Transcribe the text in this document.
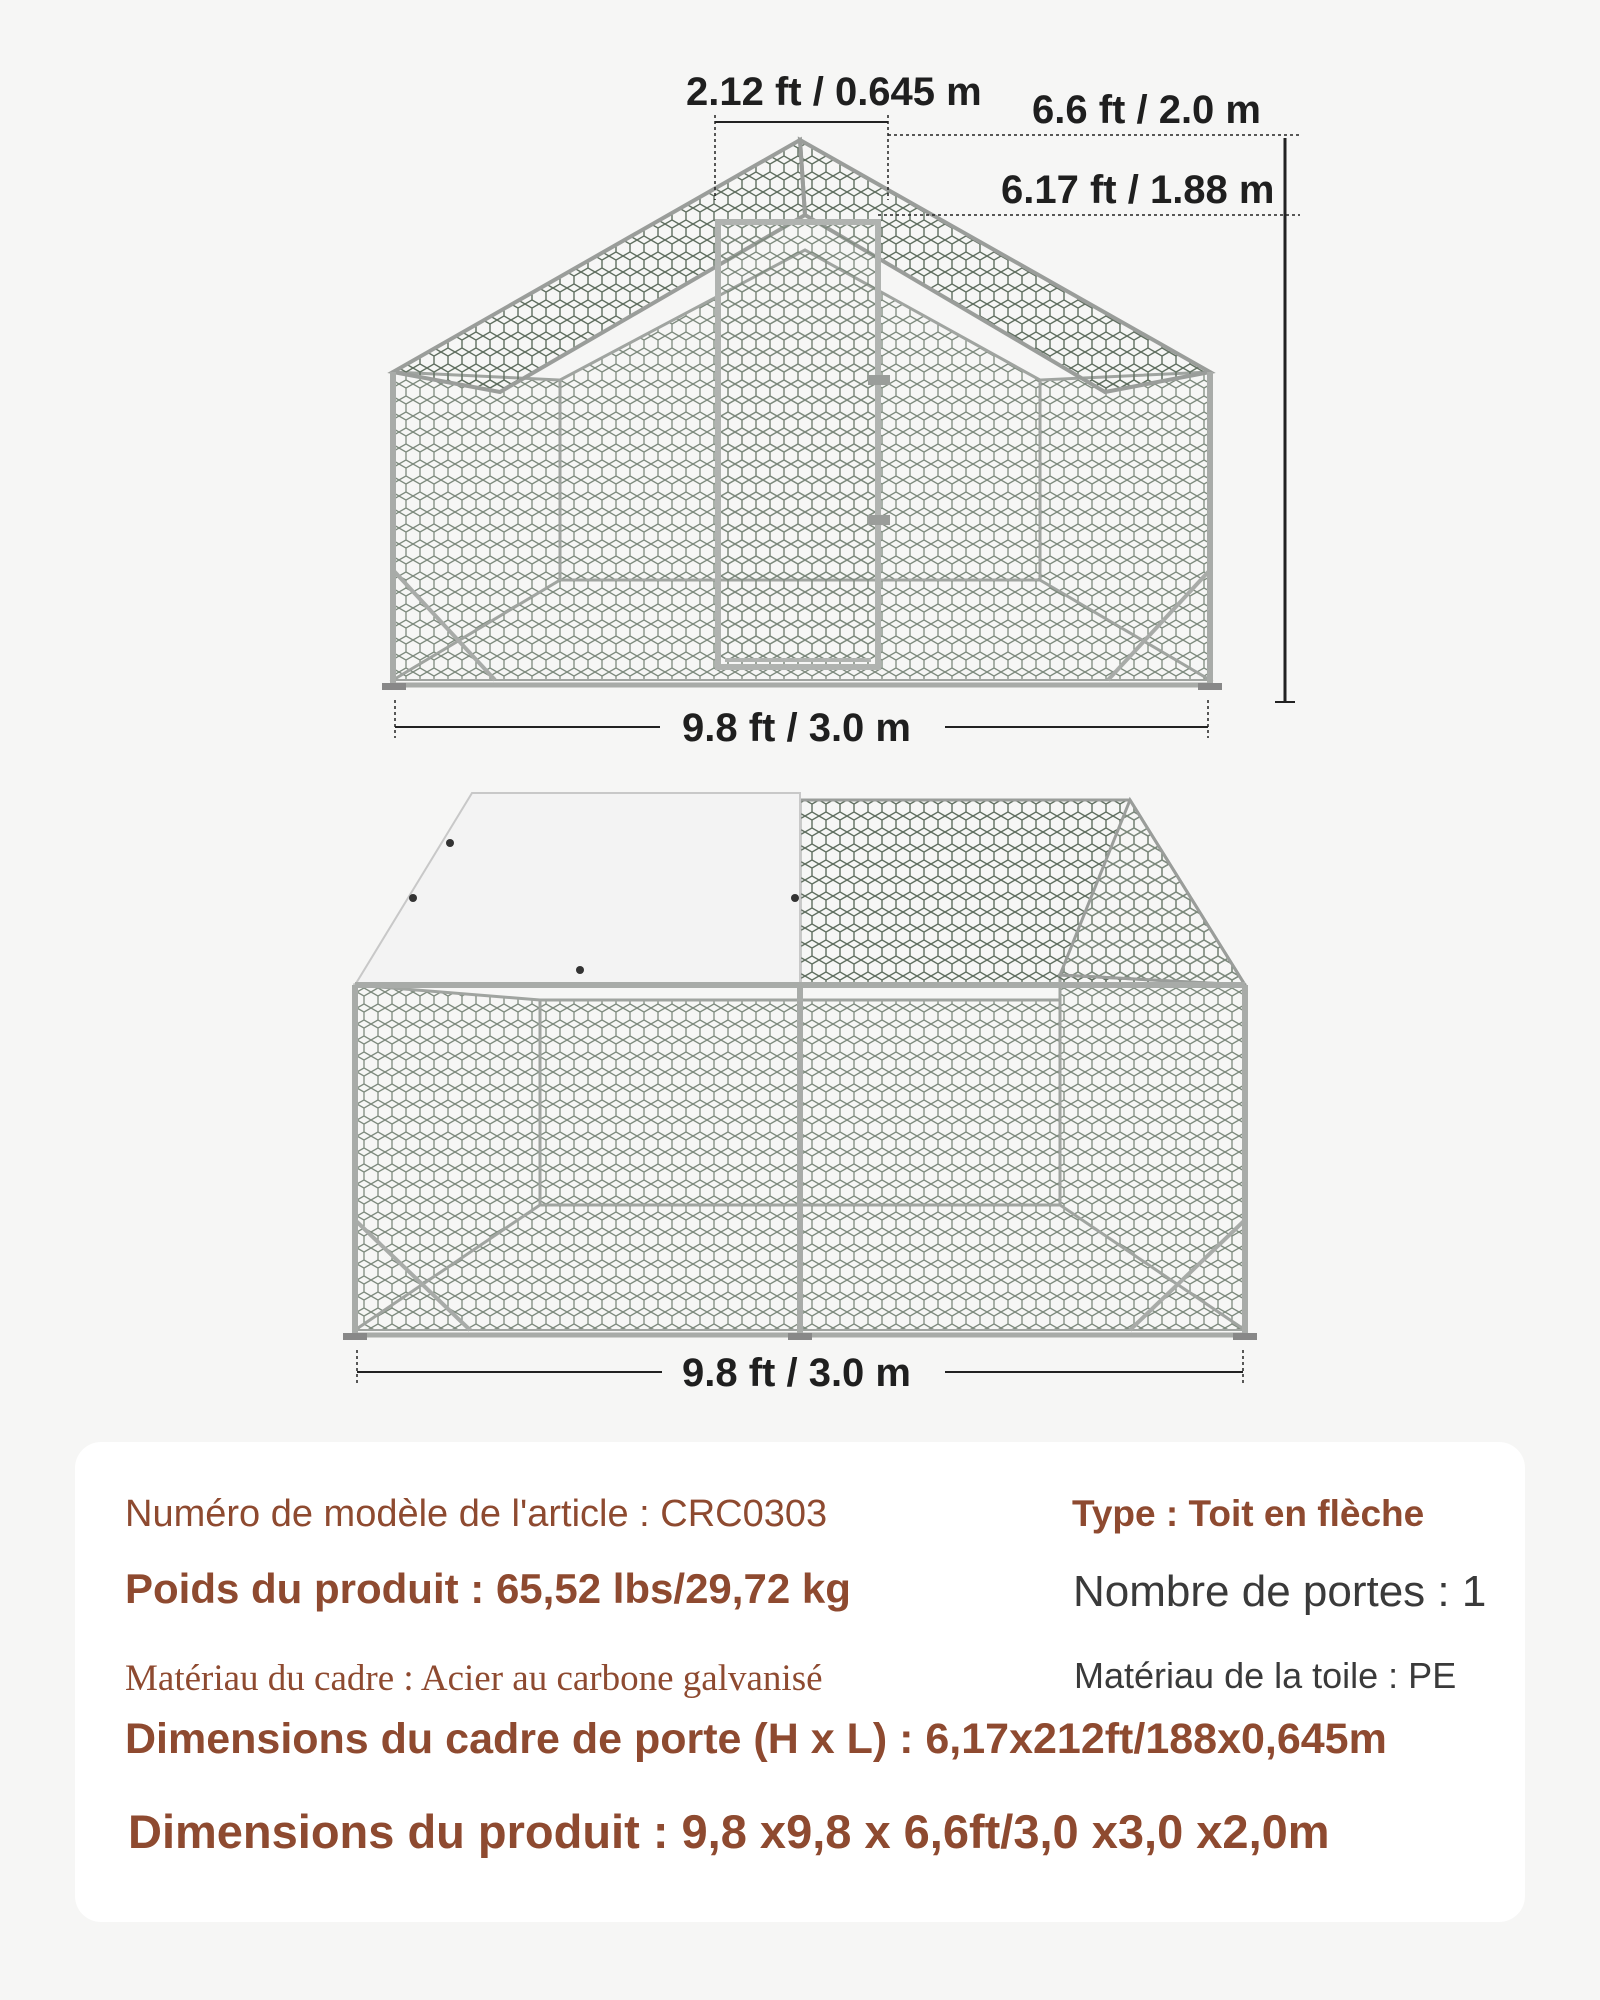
2.12 ft / 0.645 m 6.6 ft / 2.0 m
6.17 ft / 1.88 m
9.8 ft / 3.0 m
9.8 ft / 3.0 m
Numéro de modèle de l'article : CRC0303	Type : Toit en flèche
Poids du produit : 65,52 lbs/29,72 kg	Nombre de portes : 1
Matériau du cadre : Acier au carbone galvanisé	Matériau de la toile : PE
Dimensions du cadre de porte (H x L) : 6,17x212ft/188x0,645m
Dimensions du produit : 9,8 x9,8 x 6,6ft/3,0 x3,0 x2,0m
